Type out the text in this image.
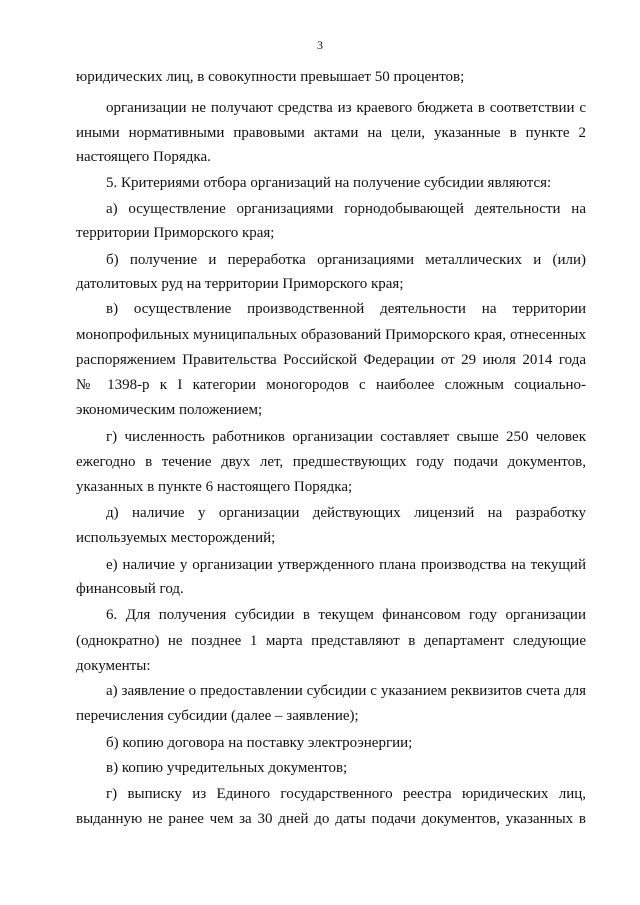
3
юридических лиц, в совокупности превышает 50 процентов;
организации не получают средства из краевого бюджета в соответствии с
иными нормативными правовыми актами на цели, указанные в пункте 2
настоящего Порядка.
5. Критериями отбора организаций на получение субсидии являются:
а) осуществление организациями горнодобывающей деятельности на
территории Приморского края;
б) получение и переработка организациями металлических и (или)
датолитовых руд на территории Приморского края;
в) осуществление производственной деятельности на территории
монопрофильных муниципальных образований Приморского края, отнесенных
распоряжением Правительства Российской Федерации от 29 июля 2014 года
№ 1398-р к I категории моногородов с наиболее сложным социально-
экономическим положением;
г) численность работников организации составляет свыше 250 человек
ежегодно в течение двух лет, предшествующих году подачи документов,
указанных в пункте 6 настоящего Порядка;
д) наличие у организации действующих лицензий на разработку
используемых месторождений;
е) наличие у организации утвержденного плана производства на текущий
финансовый год.
6. Для получения субсидии в текущем финансовом году организации
(однократно) не позднее 1 марта представляют в департамент следующие
документы:
а) заявление о предоставлении субсидии с указанием реквизитов счета для
перечисления субсидии (далее – заявление);
б) копию договора на поставку электроэнергии;
в) копию учредительных документов;
г) выписку из Единого государственного реестра юридических лиц,
выданную не ранее чем за 30 дней до даты подачи документов, указанных в
